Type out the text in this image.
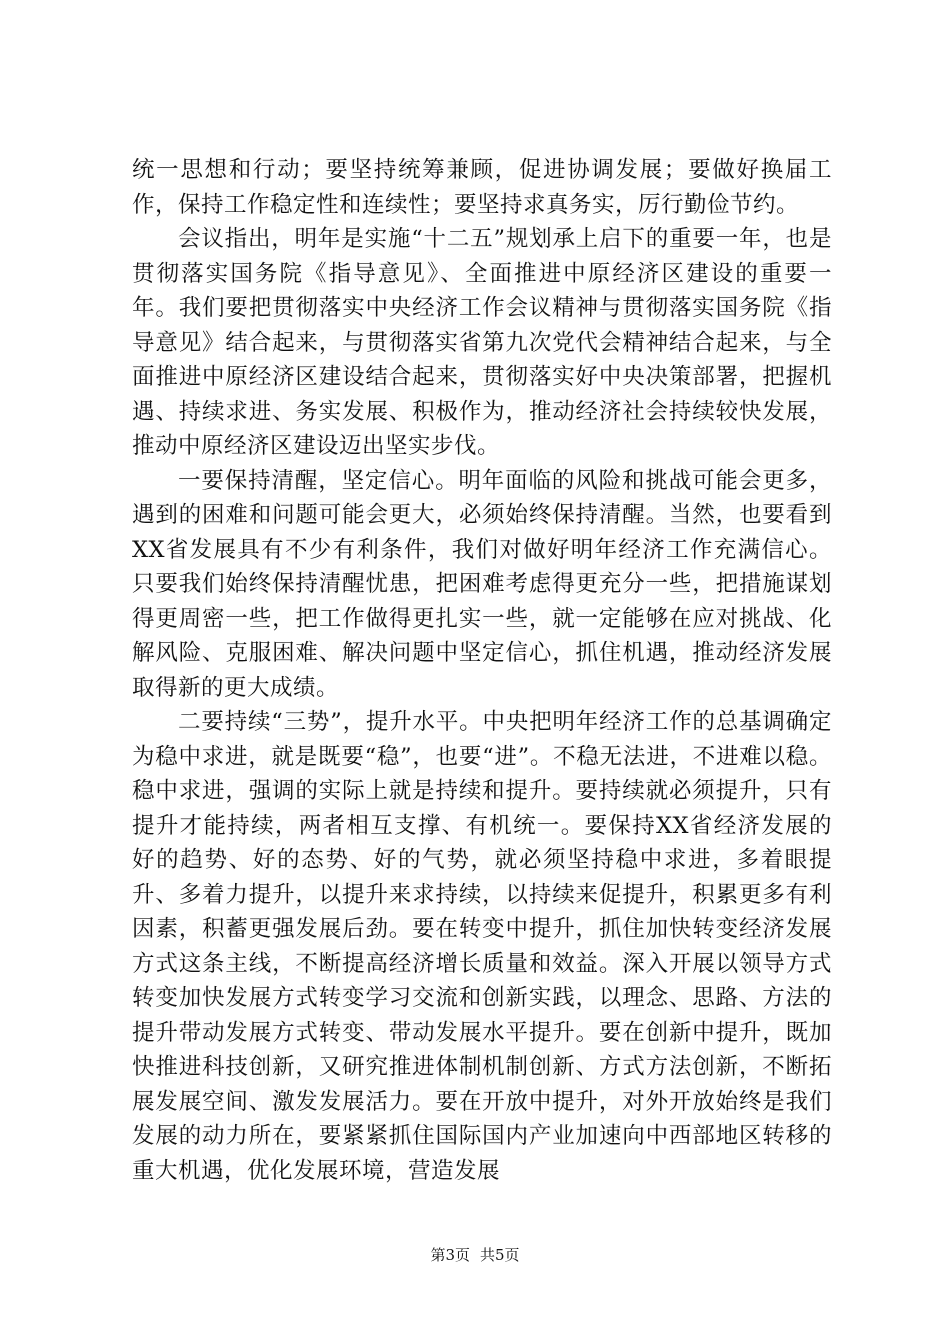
统一思想和行动；要坚持统筹兼顾，促进协调发展；要做好换届工作，保持工作稳定性和连续性；要坚持求真务实，厉行勤俭节约。

会议指出，明年是实施“十二五”规划承上启下的重要一年，也是贯彻落实国务院《指导意见》、全面推进中原经济区建设的重要一年。我们要把贯彻落实中央经济工作会议精神与贯彻落实国务院《指导意见》结合起来，与贯彻落实省第九次党代会精神结合起来，与全面推进中原经济区建设结合起来，贯彻落实好中央决策部署，把握机遇、持续求进、务实发展、积极作为，推动经济社会持续较快发展，推动中原经济区建设迈出坚实步伐。

一要保持清醒，坚定信心。明年面临的风险和挑战可能会更多，遇到的困难和问题可能会更大，必须始终保持清醒。当然，也要看到XX省发展具有不少有利条件，我们对做好明年经济工作充满信心。只要我们始终保持清醒忧患，把困难考虑得更充分一些，把措施谋划得更周密一些，把工作做得更扎实一些，就一定能够在应对挑战、化解风险、克服困难、解决问题中坚定信心，抓住机遇，推动经济发展取得新的更大成绩。

二要持续“三势”，提升水平。中央把明年经济工作的总基调确定为稳中求进，就是既要“稳”，也要“进”。不稳无法进，不进难以稳。稳中求进，强调的实际上就是持续和提升。要持续就必须提升，只有提升才能持续，两者相互支撑、有机统一。要保持XX省经济发展的好的趋势、好的态势、好的气势，就必须坚持稳中求进，多着眼提升、多着力提升，以提升来求持续，以持续来促提升，积累更多有利因素，积蓄更强发展后劲。要在转变中提升，抓住加快转变经济发展方式这条主线，不断提高经济增长质量和效益。深入开展以领导方式转变加快发展方式转变学习交流和创新实践，以理念、思路、方法的提升带动发展方式转变、带动发展水平提升。要在创新中提升，既加快推进科技创新，又研究推进体制机制创新、方式方法创新，不断拓展发展空间、激发发展活力。要在开放中提升，对外开放始终是我们发展的动力所在，要紧紧抓住国际国内产业加速向中西部地区转移的重大机遇，优化发展环境，营造发展

第3页 共5页
